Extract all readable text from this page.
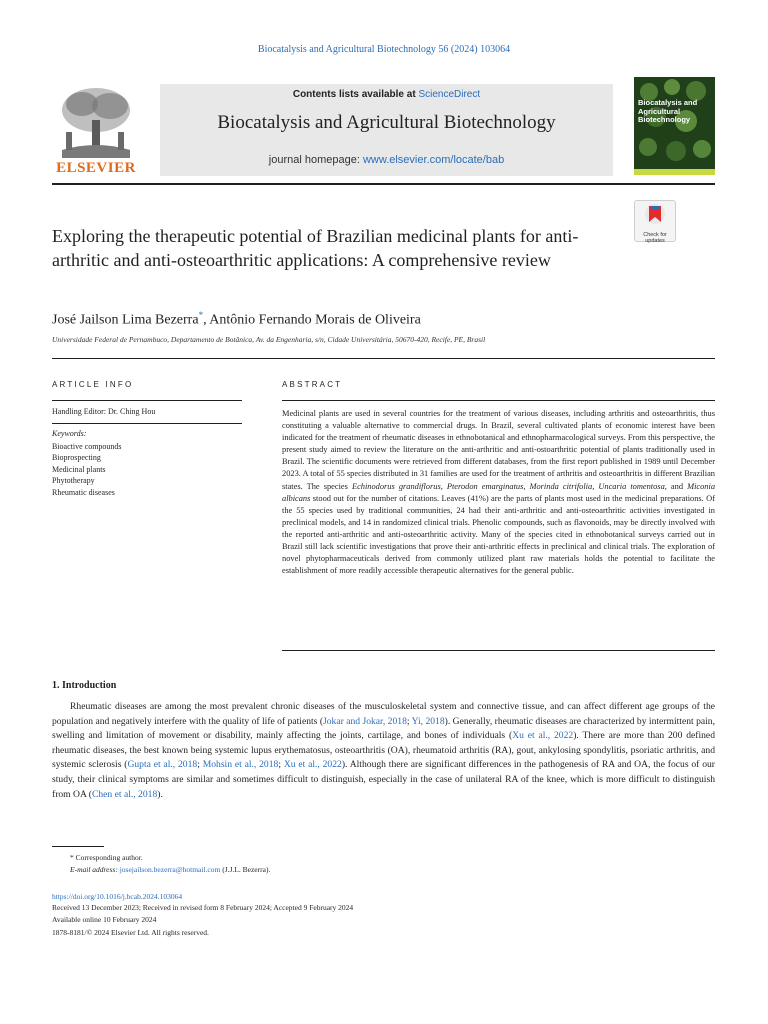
Biocatalysis and Agricultural Biotechnology 56 (2024) 103064
ELSEVIER
Contents lists available at ScienceDirect
Biocatalysis and Agricultural Biotechnology
journal homepage: www.elsevier.com/locate/bab
Biocatalysis and Agricultural Biotechnology
Check for updates
Exploring the therapeutic potential of Brazilian medicinal plants for anti-arthritic and anti-osteoarthritic applications: A comprehensive review
José Jailson Lima Bezerra*, Antônio Fernando Morais de Oliveira
Universidade Federal de Pernambuco, Departamento de Botânica, Av. da Engenharia, s/n, Cidade Universitária, 50670-420, Recife, PE, Brasil
ARTICLE INFO
Handling Editor: Dr. Ching Hou
Keywords:
Bioactive compounds
Bioprospecting
Medicinal plants
Phytotherapy
Rheumatic diseases
ABSTRACT
Medicinal plants are used in several countries for the treatment of various diseases, including arthritis and osteoarthritis, thus constituting a valuable alternative to commercial drugs. In Brazil, several cultivated plants of economic interest have been indicated for the treatment of rheumatic diseases in ethnobotanical and ethnopharmacological surveys. From this perspective, the present study aimed to review the literature on the anti-arthritic and anti-ostoarthritic potential of plants traditionally used in Brazil. The scientific documents were retrieved from different databases, from the first report published in 1989 until December 2023. A total of 55 species distributed in 31 families are used for the treatment of arthritis and osteoarthritis in different Brazilian states. The species Echinodorus grandiflorus, Pterodon emarginatus, Morinda citrifolia, Uncaria tomentosa, and Miconia albicans stood out for the number of citations. Leaves (41%) are the parts of plants most used in the medicinal preparations. Of the 55 species used by traditional communities, 24 had their anti-arthritic and anti-osteoarthritic activities investigated in preclinical models, and 14 in randomized clinical trials. Phenolic compounds, such as flavonoids, may be directly involved with the reported anti-arthritic and anti-osteoarthritic activity. Many of the species cited in ethnobotanical surveys carried out in Brazil still lack scientific investigations that prove their anti-arthritic effects in preclinical and clinical trials. The exploration of novel phytopharmaceuticals derived from commonly utilized plant raw materials holds the potential to facilitate the establishment of more readily accessible therapeutic alternatives for the general public.
1. Introduction
Rheumatic diseases are among the most prevalent chronic diseases of the musculoskeletal system and connective tissue, and can affect different age groups of the population and negatively interfere with the quality of life of patients (Jokar and Jokar, 2018; Yi, 2018). Generally, rheumatic diseases are characterized by intermittent pain, swelling and limitation of movement or disability, mainly affecting the joints, cartilage, and bones of individuals (Xu et al., 2022). There are more than 200 defined rheumatic diseases, the best known being systemic lupus erythematosus, osteoarthritis (OA), rheumatoid arthritis (RA), gout, ankylosing spondylitis, psoriatic arthritis, and systemic sclerosis (Gupta et al., 2018; Mohsin et al., 2018; Xu et al., 2022). Although there are significant differences in the pathogenesis of RA and OA, the focus of our study, their clinical symptoms are similar and sometimes difficult to distinguish, especially in the case of unilateral RA of the knee, which is more difficult to distinguish from OA (Chen et al., 2018).
* Corresponding author.
E-mail address: josejailson.bezerra@hotmail.com (J.J.L. Bezerra).
https://doi.org/10.1016/j.bcab.2024.103064
Received 13 December 2023; Received in revised form 8 February 2024; Accepted 9 February 2024
Available online 10 February 2024
1878-8181/© 2024 Elsevier Ltd. All rights reserved.
